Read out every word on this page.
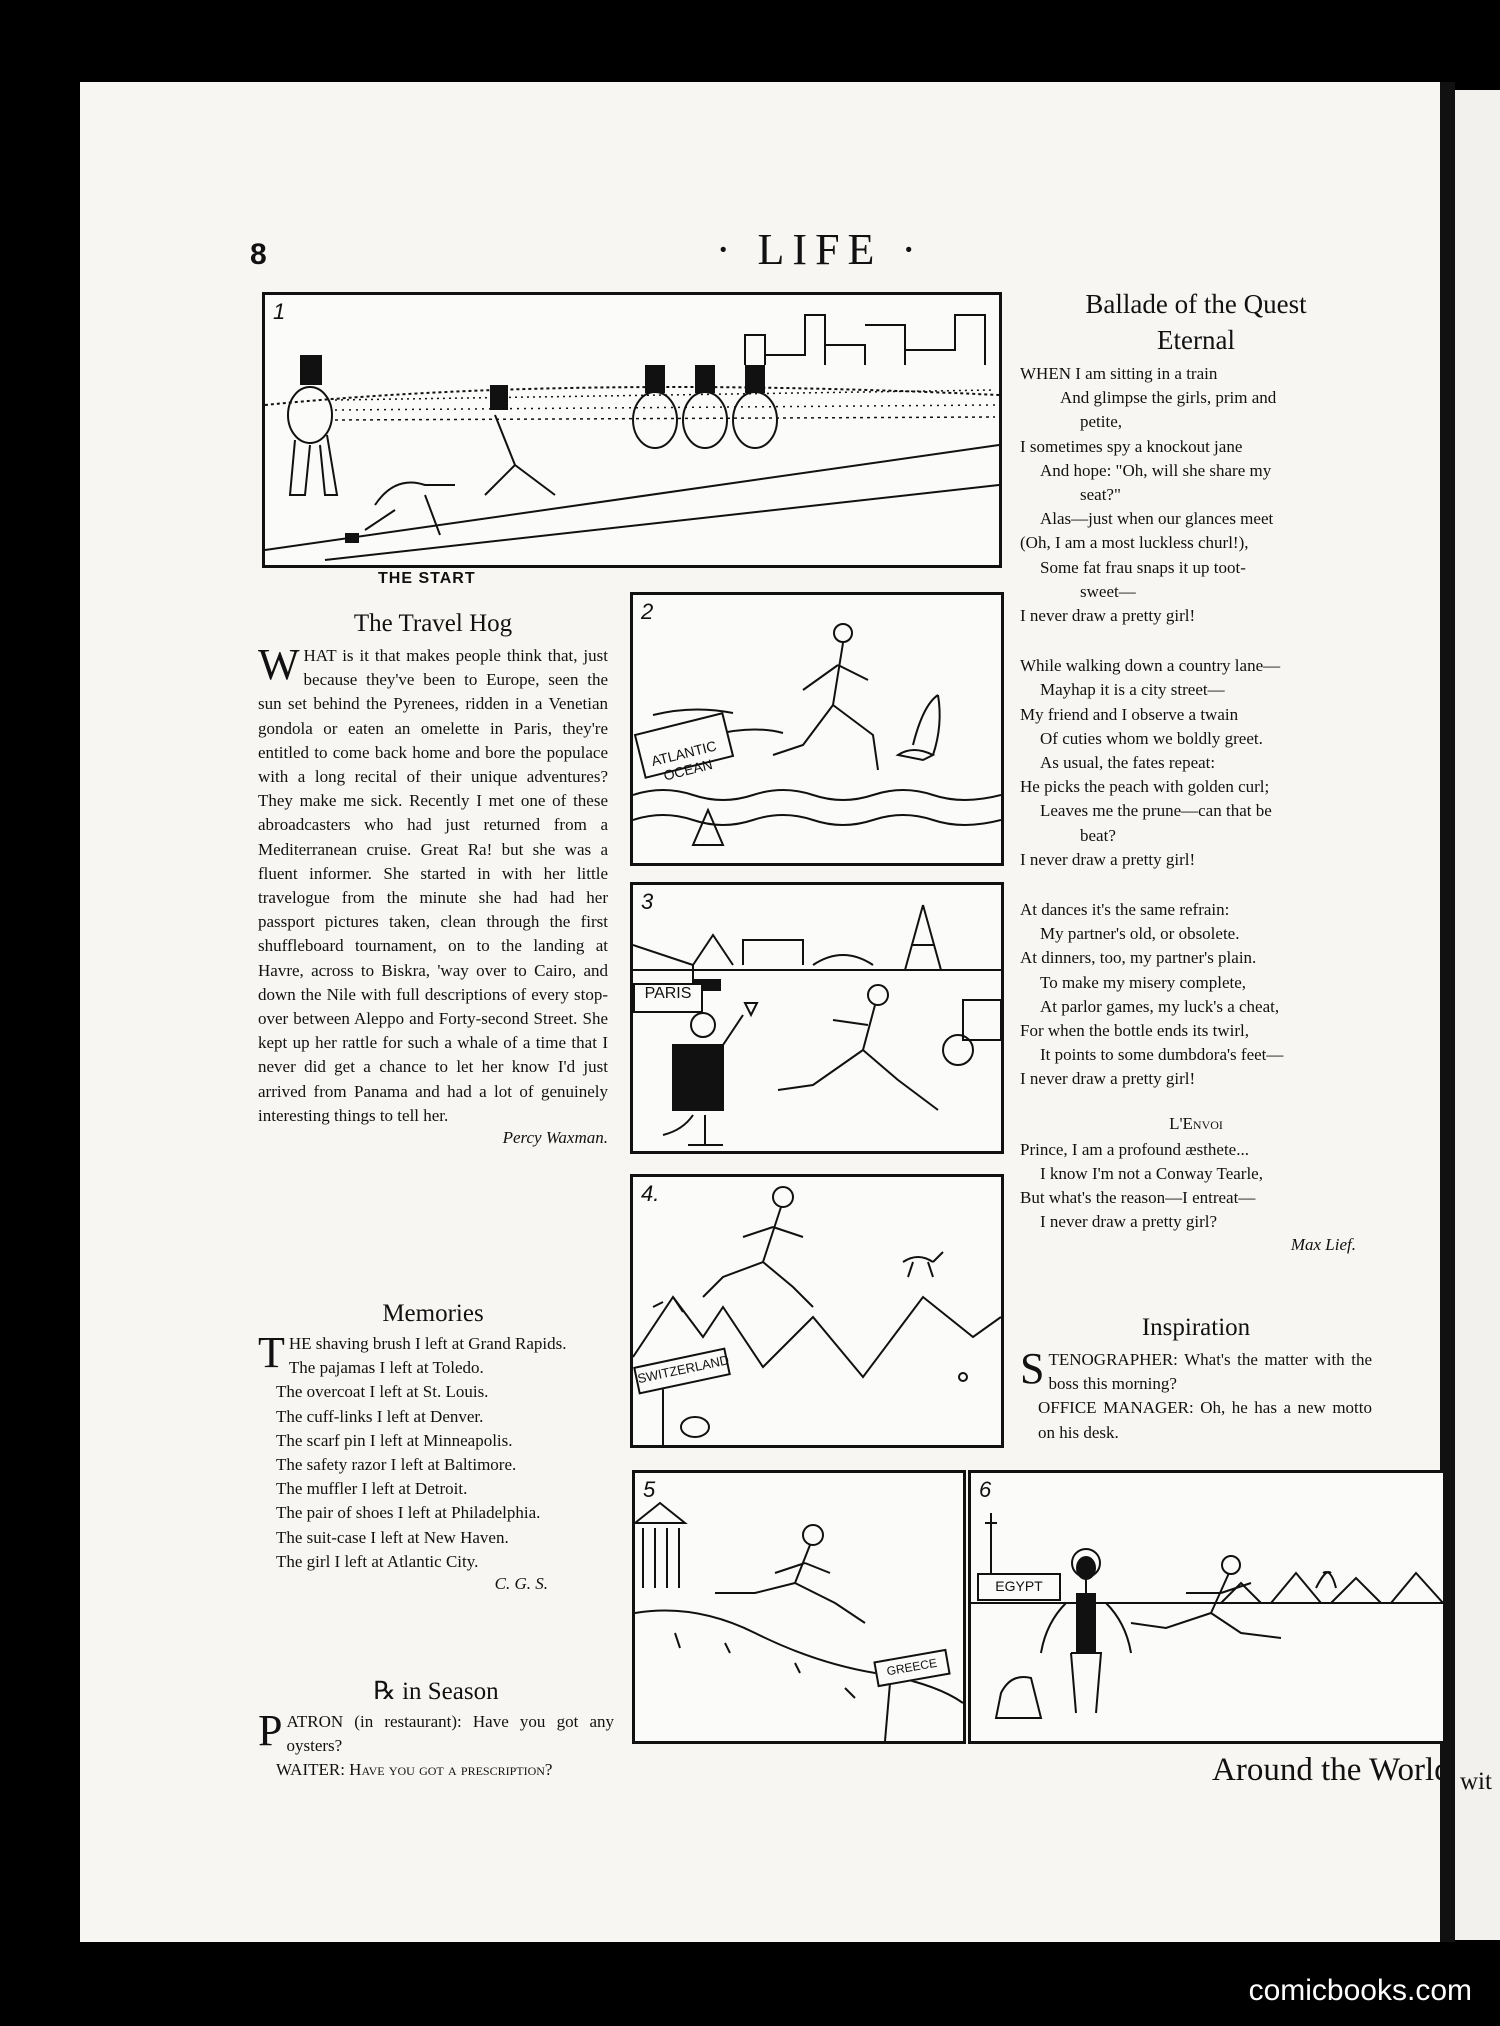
8	· LIFE ·
1
THE START
2
ATLANTIC OCEAN
3
PARIS
4.
SWITZERLAND
5
GREECE
6
EGYPT
Around the World wit
The Travel Hog
WHAT is it that makes people think that, just because they've been to Europe, seen the sun set behind the Pyrenees, ridden in a Venetian gondola or eaten an omelette in Paris, they're entitled to come back home and bore the populace with a long recital of their unique adventures? They make me sick. Recently I met one of these abroadcasters who had just returned from a Mediterranean cruise. Great Ra! but she was a fluent informer. She started in with her little travelogue from the minute she had had her passport pictures taken, clean through the first shuffleboard tournament, on to the landing at Havre, across to Biskra, 'way over to Cairo, and down the Nile with full descriptions of every stop-over between Aleppo and Forty-second Street. She kept up her rattle for such a whale of a time that I never did get a chance to let her know I'd just arrived from Panama and had a lot of genuinely interesting things to tell her.
Percy Waxman.
Memories
THE shaving brush I left at Grand Rapids.
The pajamas I left at Toledo.
The overcoat I left at St. Louis.
The cuff-links I left at Denver.
The scarf pin I left at Minneapolis.
The safety razor I left at Baltimore.
The muffler I left at Detroit.
The pair of shoes I left at Philadelphia.
The suit-case I left at New Haven.
The girl I left at Atlantic City.
C. G. S.
℞ in Season
PATRON (in restaurant): Have you got any oysters?
WAITER: Have you got a prescription?
Ballade of the Quest Eternal
WHEN I am sitting in a train
And glimpse the girls, prim and
petite,
I sometimes spy a knockout jane
And hope: "Oh, will she share my
seat?"
Alas—just when our glances meet
(Oh, I am a most luckless churl!),
Some fat frau snaps it up toot-
sweet—
I never draw a pretty girl!
While walking down a country lane—
Mayhap it is a city street—
My friend and I observe a twain
Of cuties whom we boldly greet.
As usual, the fates repeat:
He picks the peach with golden curl;
Leaves me the prune—can that be
beat?
I never draw a pretty girl!
At dances it's the same refrain:
My partner's old, or obsolete.
At dinners, too, my partner's plain.
To make my misery complete,
At parlor games, my luck's a cheat,
For when the bottle ends its twirl,
It points to some dumbdora's feet—
I never draw a pretty girl!
L'Envoi
Prince, I am a profound æsthete...
I know I'm not a Conway Tearle,
But what's the reason—I entreat—
I never draw a pretty girl?
Max Lief.
Inspiration
STENOGRAPHER: What's the matter with the boss this morning?
OFFICE MANAGER: Oh, he has a new motto on his desk.
comicbooks.com
